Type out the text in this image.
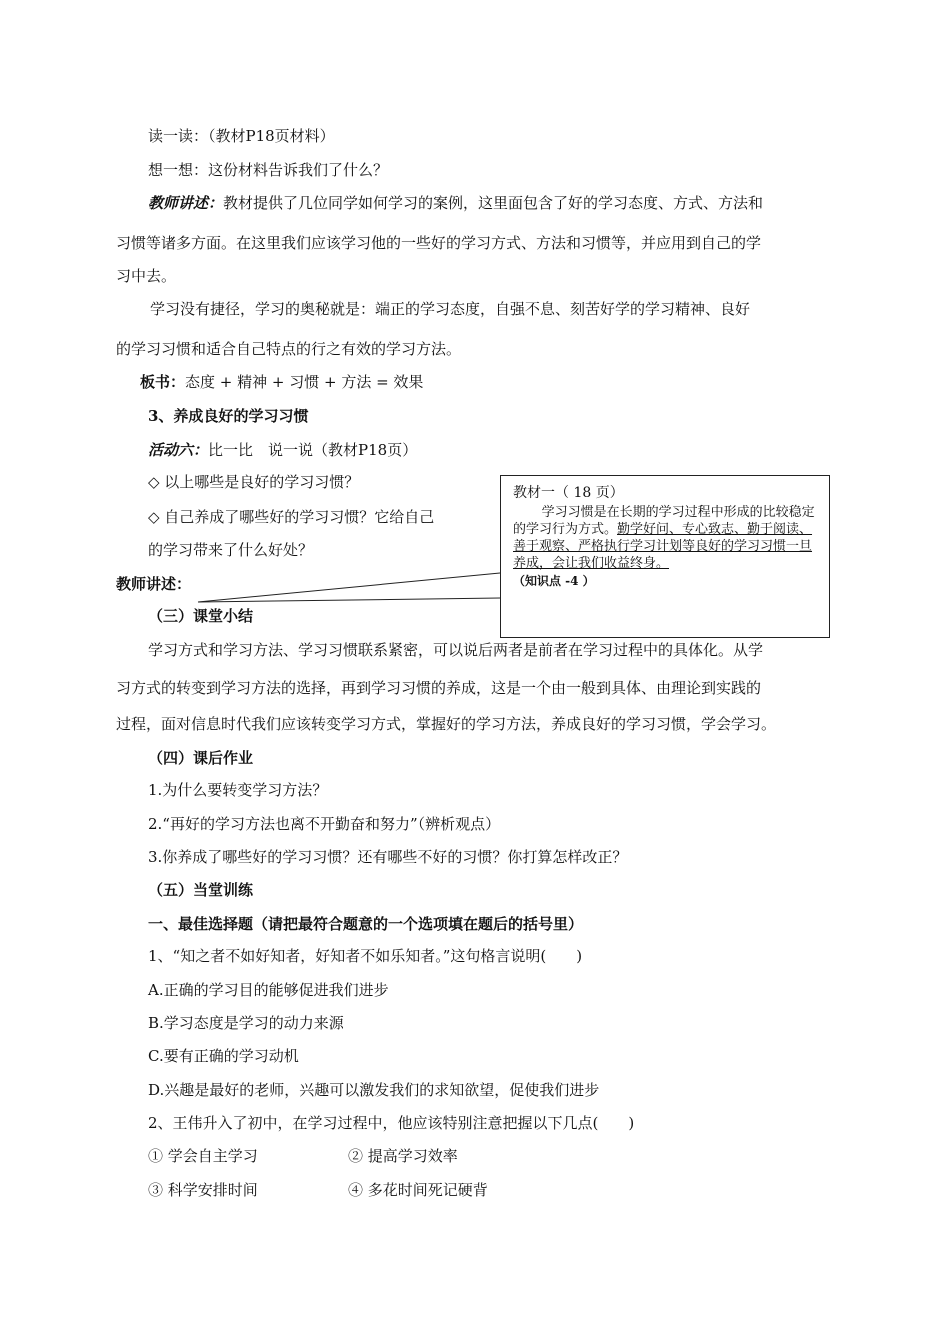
读一读：（教材P18页材料）
想一想：这份材料告诉我们了什么？
教师讲述：教材提供了几位同学如何学习的案例，这里面包含了好的学习态度、方式、方法和
习惯等诸多方面。在这里我们应该学习他的一些好的学习方式、方法和习惯等，并应用到自己的学
习中去。
学习没有捷径，学习的奥秘就是：端正的学习态度，自强不息、刻苦好学的学习精神、良好
的学习习惯和适合自己特点的行之有效的学习方法。
板书：态度 + 精神 + 习惯 + 方法 = 效果
3、养成良好的学习习惯
活动六：比一比　说一说（教材P18页）
◇ 以上哪些是良好的学习习惯？
◇ 自己养成了哪些好的学习习惯？它给自己
的学习带来了什么好处？
教师讲述：
（三）课堂小结
学习方式和学习方法、学习习惯联系紧密，可以说后两者是前者在学习过程中的具体化。从学
习方式的转变到学习方法的选择，再到学习习惯的养成，这是一个由一般到具体、由理论到实践的
过程，面对信息时代我们应该转变学习方式，掌握好的学习方法，养成良好的学习习惯，学会学习。
（四）课后作业
1.为什么要转变学习方法？
2.“再好的学习方法也离不开勤奋和努力”（辨析观点）
3.你养成了哪些好的学习习惯？还有哪些不好的习惯？你打算怎样改正？
（五）当堂训练
一、最佳选择题（请把最符合题意的一个选项填在题后的括号里）
1、“知之者不如好知者，好知者不如乐知者。”这句格言说明(　　)
A.正确的学习目的能够促进我们进步
B.学习态度是学习的动力来源
C.要有正确的学习动机
D.兴趣是最好的老师，兴趣可以激发我们的求知欲望，促使我们进步
2、王伟升入了初中，在学习过程中，他应该特别注意把握以下几点(　　)
① 学会自主学习	② 提高学习效率
③ 科学安排时间	④ 多花时间死记硬背
教材一（ 18 页）
学习习惯是在长期的学习过程中形成的比较稳定的学习行为方式。勤学好问、专心致志、勤于阅读、善于观察、严格执行学习计划等良好的学习习惯一旦养成，会让我们收益终身。
（知识点 -4 ）
